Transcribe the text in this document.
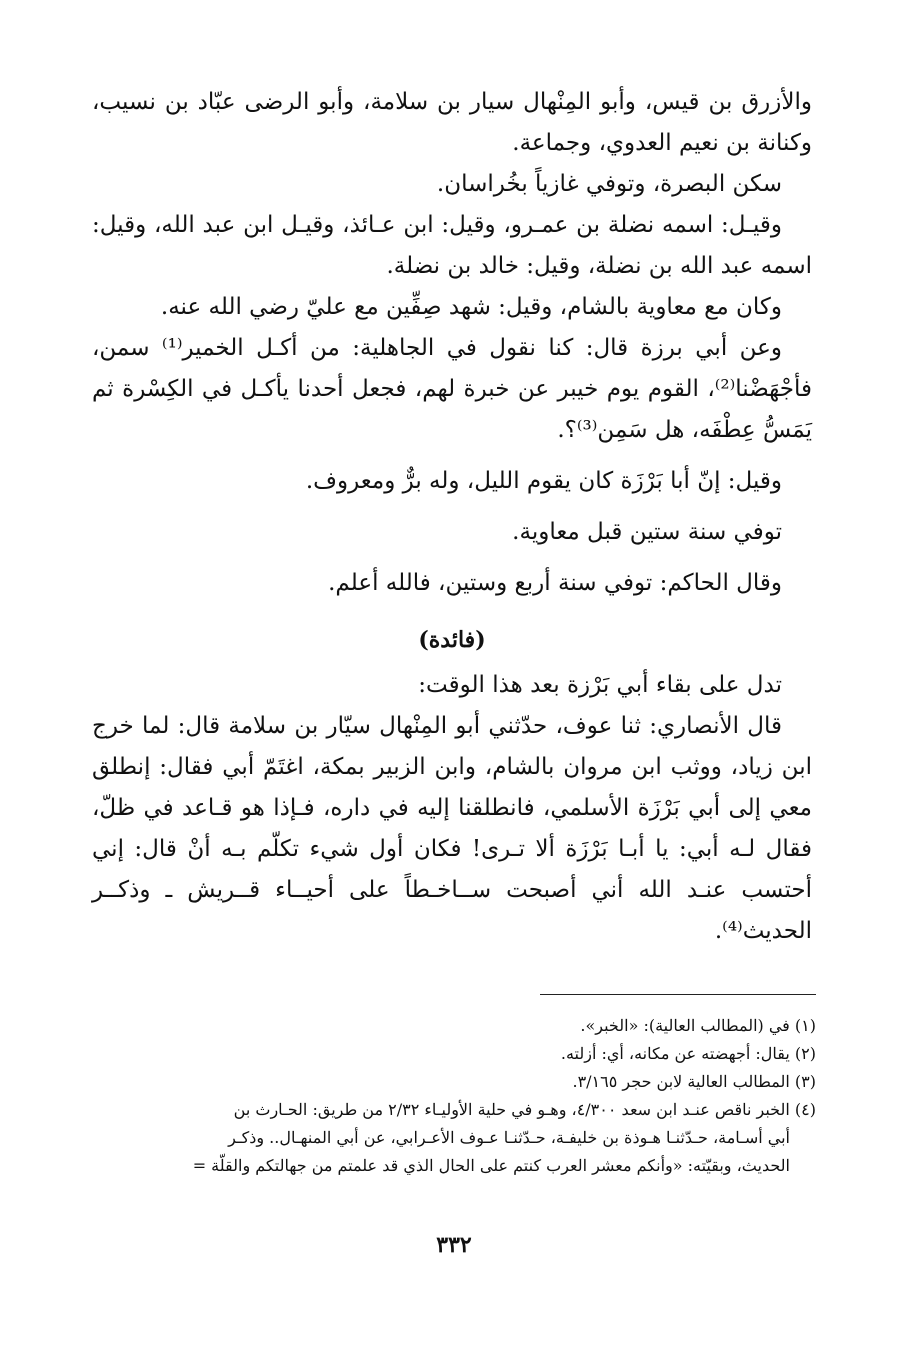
والأزرق بن قيس، وأبو المِنْهال سيار بن سلامة، وأبو الرضى عبّاد بن نسيب، وكنانة بن نعيم العدوي، وجماعة.

سكن البصرة، وتوفي غازياً بخُراسان.

وقيـل: اسمه نضلة بن عمـرو، وقيل: ابن عـائذ، وقيـل ابن عبد الله، وقيل: اسمه عبد الله بن نضلة، وقيل: خالد بن نضلة.

وكان مع معاوية بالشام، وقيل: شهد صِفِّين مع عليّ رضي الله عنه.

وعن أبي برزة قال: كنا نقول في الجاهلية: من أكـل الخمير⁽¹⁾ سمن، فأجْهَضْنا⁽²⁾، القوم يوم خيبر عن خبرة لهم، فجعل أحدنا يأكـل في الكِسْرة ثم يَمَسُّ عِطْفَه، هل سَمِن⁽³⁾؟.

وقيل: إنّ أبا بَرْزَة كان يقوم الليل، وله برٌّ ومعروف.

توفي سنة ستين قبل معاوية.

وقال الحاكم: توفي سنة أربع وستين، فالله أعلم.

(فائدة)

تدل على بقاء أبي بَرْزة بعد هذا الوقت:

قال الأنصاري: ثنا عوف، حدّثني أبو المِنْهال سيّار بن سلامة قال: لما خرج ابن زياد، ووثب ابن مروان بالشام، وابن الزبير بمكة، اغتَمّ أبي فقال: إنطلق معي إلى أبي بَرْزَة الأسلمي، فانطلقنا إليه في داره، فـإذا هو قـاعد في ظلّ، فقال لـه أبي: يا أبـا بَرْزَة ألا تـرى! فكان أول شيء تكلّم بـه أنْ قال: إني أحتسب عنـد الله أني أصبحت ســاخـطاً على أحيــاء قــريش ـ وذكــر الحديث⁽⁴⁾.

(١) في (المطالب العالية): «الخبر».

(٢) يقال: أجهضته عن مكانه، أي: أزلته.

(٣) المطالب العالية لابن حجر ٣/١٦٥.

(٤) الخبر ناقص عنـد ابن سعد ٤/٣٠٠، وهـو في حلية الأوليـاء ٢/٣٢ من طريق: الحـارث بن

أبي أسـامة، حـدّثنـا هـوذة بن خليفـة، حـدّثنـا عـوف الأعـرابي، عن أبي المنهـال.. وذكـر

الحديث، وبقيّته: «وأنكم معشر العرب كنتم على الحال الذي قد علمتم من جهالتكم والقلّة =

٣٣٢
